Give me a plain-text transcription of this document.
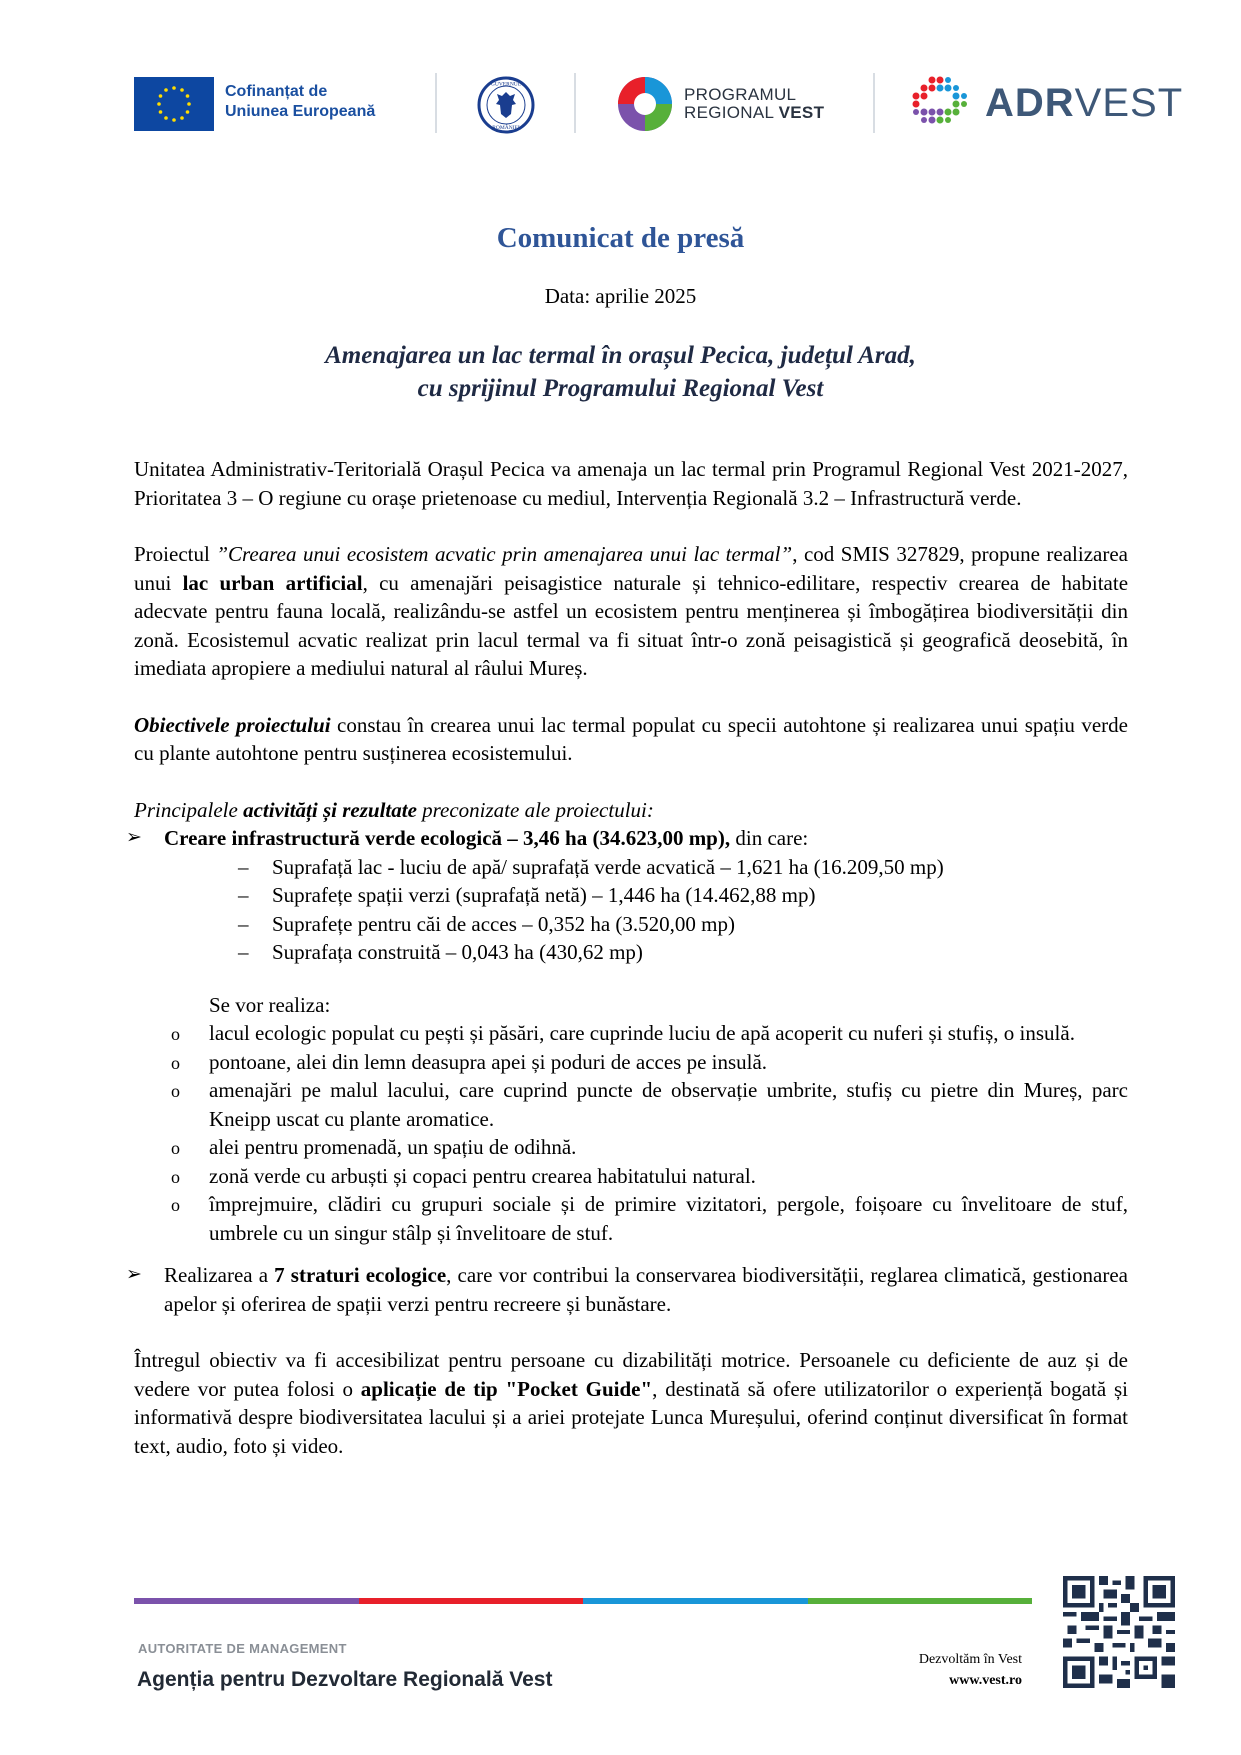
Cofinanțat de
Uniunea Europeană
GUVERNUL
ROMÂNIEI
PROGRAMUL
REGIONAL VEST	ADRVEST
Comunicat de presă
Data: aprilie 2025
Amenajarea un lac termal în orașul Pecica, județul Arad,
cu sprijinul Programului Regional Vest

Unitatea Administrativ-Teritorială Orașul Pecica va amenaja un lac termal prin Programul Regional Vest 2021-2027, Prioritatea 3 – O regiune cu orașe prietenoase cu mediul, Intervenția Regională 3.2 – Infrastructură verde.

Proiectul ”Crearea unui ecosistem acvatic prin amenajarea unui lac termal”, cod SMIS 327829, propune realizarea unui lac urban artificial, cu amenajări peisagistice naturale și tehnico-edilitare, respectiv crearea de habitate adecvate pentru fauna locală, realizându-se astfel un ecosistem pentru menținerea și îmbogățirea biodiversității din zonă. Ecosistemul acvatic realizat prin lacul termal va fi situat într-o zonă peisagistică și geografică deosebită, în imediata apropiere a mediului natural al râului Mureș.

Obiectivele proiectului constau în crearea unui lac termal populat cu specii autohtone și realizarea unui spațiu verde cu plante autohtone pentru susținerea ecosistemului.

Principalele activități și rezultate preconizate ale proiectului:

➢ Creare infrastructură verde ecologică – 3,46 ha (34.623,00 mp), din care:
– Suprafață lac - luciu de apă/ suprafață verde acvatică – 1,621 ha (16.209,50 mp)
– Suprafețe spații verzi (suprafață netă) – 1,446 ha (14.462,88 mp)
– Suprafețe pentru căi de acces – 0,352 ha (3.520,00 mp)
– Suprafața construită – 0,043 ha (430,62 mp)
Se vor realiza:
o lacul ecologic populat cu pești și păsări, care cuprinde luciu de apă acoperit cu nuferi și stufiș, o insulă.
o pontoane, alei din lemn deasupra apei și poduri de acces pe insulă.
o amenajări pe malul lacului, care cuprind puncte de observație umbrite, stufiș cu pietre din Mureș, parc Kneipp uscat cu plante aromatice.
o alei pentru promenadă, un spațiu de odihnă.
o zonă verde cu arbuști și copaci pentru crearea habitatului natural.
o împrejmuire, clădiri cu grupuri sociale și de primire vizitatori, pergole, foișoare cu învelitoare de stuf, umbrele cu un singur stâlp și învelitoare de stuf.
➢ Realizarea a 7 straturi ecologice, care vor contribui la conservarea biodiversității, reglarea climatică, gestionarea apelor și oferirea de spații verzi pentru recreere și bunăstare.

Întregul obiectiv va fi accesibilizat pentru persoane cu dizabilități motrice. Persoanele cu deficiente de auz și de vedere vor putea folosi o aplicație de tip "Pocket Guide", destinată să ofere utilizatorilor o experiență bogată și informativă despre biodiversitatea lacului și a ariei protejate Lunca Mureșului, oferind conținut diversificat în format text, audio, foto și video.

AUTORITATE DE MANAGEMENT
Agenția pentru Dezvoltare Regională Vest
Dezvoltăm în Vest
www.vest.ro
